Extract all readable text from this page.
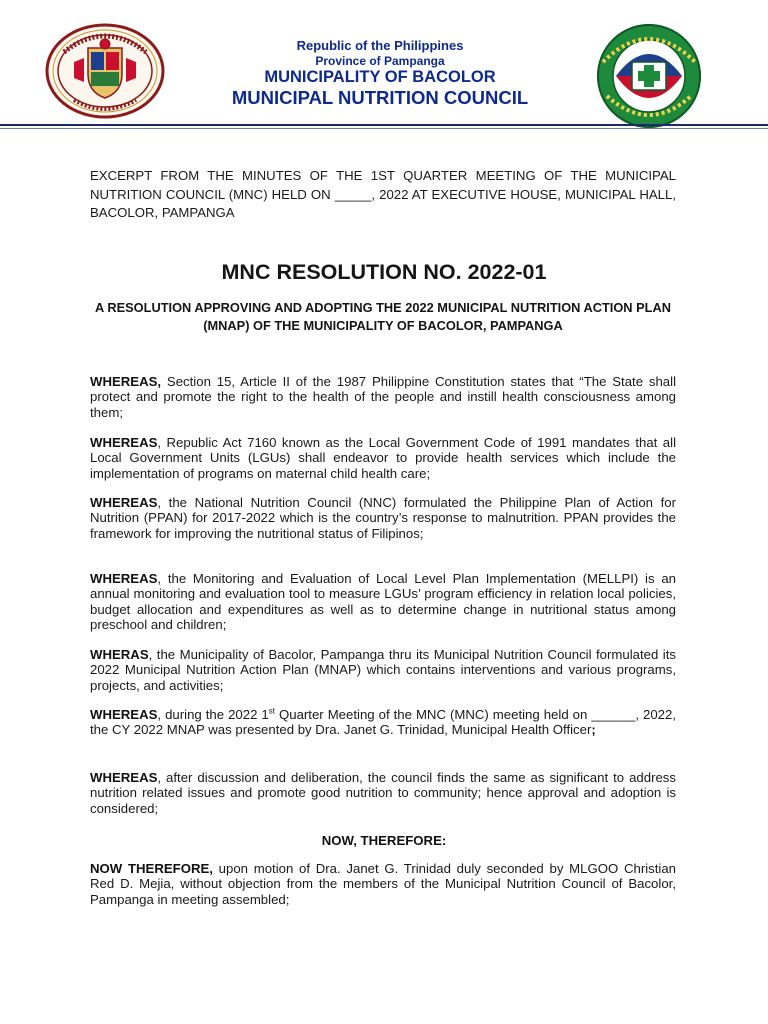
Republic of the Philippines
Province of Pampanga
MUNICIPALITY OF BACOLOR
MUNICIPAL NUTRITION COUNCIL
EXCERPT FROM THE MINUTES OF THE 1ST QUARTER MEETING OF THE MUNICIPAL NUTRITION COUNCIL (MNC) HELD ON _____, 2022 AT EXECUTIVE HOUSE, MUNICIPAL HALL, BACOLOR, PAMPANGA
MNC RESOLUTION NO. 2022-01
A RESOLUTION APPROVING AND ADOPTING THE 2022 MUNICIPAL NUTRITION ACTION PLAN (MNAP) OF THE MUNICIPALITY OF BACOLOR, PAMPANGA
WHEREAS, Section 15, Article II of the 1987 Philippine Constitution states that “The State shall protect and promote the right to the health of the people and instill health consciousness among them;
WHEREAS, Republic Act 7160 known as the Local Government Code of 1991 mandates that all Local Government Units (LGUs) shall endeavor to provide health services which include the implementation of programs on maternal child health care;
WHEREAS, the National Nutrition Council (NNC) formulated the Philippine Plan of Action for Nutrition (PPAN) for 2017-2022 which is the country’s response to malnutrition. PPAN provides the framework for improving the nutritional status of Filipinos;
WHEREAS, the Monitoring and Evaluation of Local Level Plan Implementation (MELLPI) is an annual monitoring and evaluation tool to measure LGUs’ program efficiency in relation local policies, budget allocation and expenditures as well as to determine change in nutritional status among preschool and children;
WHERAS, the Municipality of Bacolor, Pampanga thru its Municipal Nutrition Council formulated its 2022 Municipal Nutrition Action Plan (MNAP) which contains interventions and various programs, projects, and activities;
WHEREAS, during the 2022 1st Quarter Meeting of the MNC (MNC) meeting held on ______, 2022, the CY 2022 MNAP was presented by Dra. Janet G. Trinidad, Municipal Health Officer;
WHEREAS, after discussion and deliberation, the council finds the same as significant to address nutrition related issues and promote good nutrition to community; hence approval and adoption is considered;
NOW, THEREFORE:
NOW THEREFORE, upon motion of Dra. Janet G. Trinidad duly seconded by MLGOO Christian Red D. Mejia, without objection from the members of the Municipal Nutrition Council of Bacolor, Pampanga in meeting assembled;
